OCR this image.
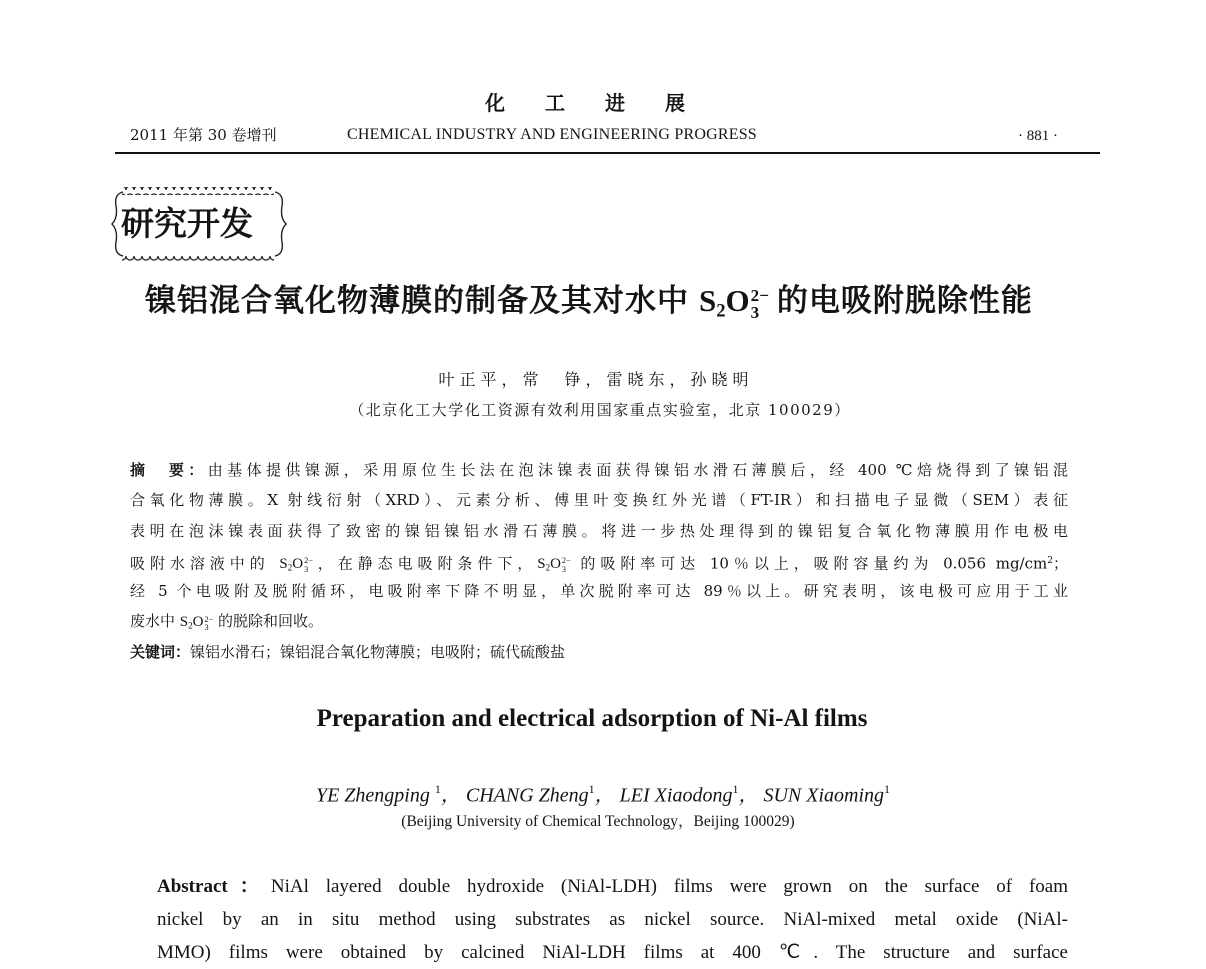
化　工　进　展
2011 年第 30 卷增刊	CHEMICAL INDUSTRY AND ENGINEERING PROGRESS	· 881 ·
研究开发
镍铝混合氧化物薄膜的制备及其对水中 S2O 2−
3 的电吸附脱除性能
叶正平，常　铮，雷晓东，孙晓明
（北京化工大学化工资源有效利用国家重点实验室，北京 100029）
摘　要：由基体提供镍源，采用原位生长法在泡沫镍表面获得镍铝水滑石薄膜后，经 400 ℃焙烧得到了镍铝混
合氧化物薄膜。X 射线衍射（XRD）、元素分析、傅里叶变换红外光谱（FT-IR）和扫描电子显微（SEM）表征
表明在泡沫镍表面获得了致密的镍铝镍铝水滑石薄膜。将进一步热处理得到的镍铝复合氧化物薄膜用作电极电
吸附水溶液中的 S2O 2−
3 ，在静态电吸附条件下，S2O 2−
3 的吸附率可达 10％以上，吸附容量约为 0.056 $mg/cm^2$；
经 5 个电吸附及脱附循环，电吸附率下降不明显，单次脱附率可达 89％以上。研究表明，该电极可应用于工业
废水中 S2O 2−
3 的脱除和回收。
关键词：镍铝水滑石；镍铝混合氧化物薄膜；电吸附；硫代硫酸盐
Preparation and electrical adsorption of Ni-Al films
YE Zhengping $^1$， CHANG Zheng$^1$， LEI Xiaodong$^1$， SUN Xiaoming$^1$
(Beijing University of Chemical Technology，Beijing 100029)
Abstract：NiAl layered double hydroxide (NiAl-LDH) films were grown on the surface of foam
nickel by an in situ method using substrates as nickel source. NiAl-mixed metal oxide (NiAl-
MMO) films were obtained by calcined NiAl-LDH films at 400 ℃. The structure and surface
